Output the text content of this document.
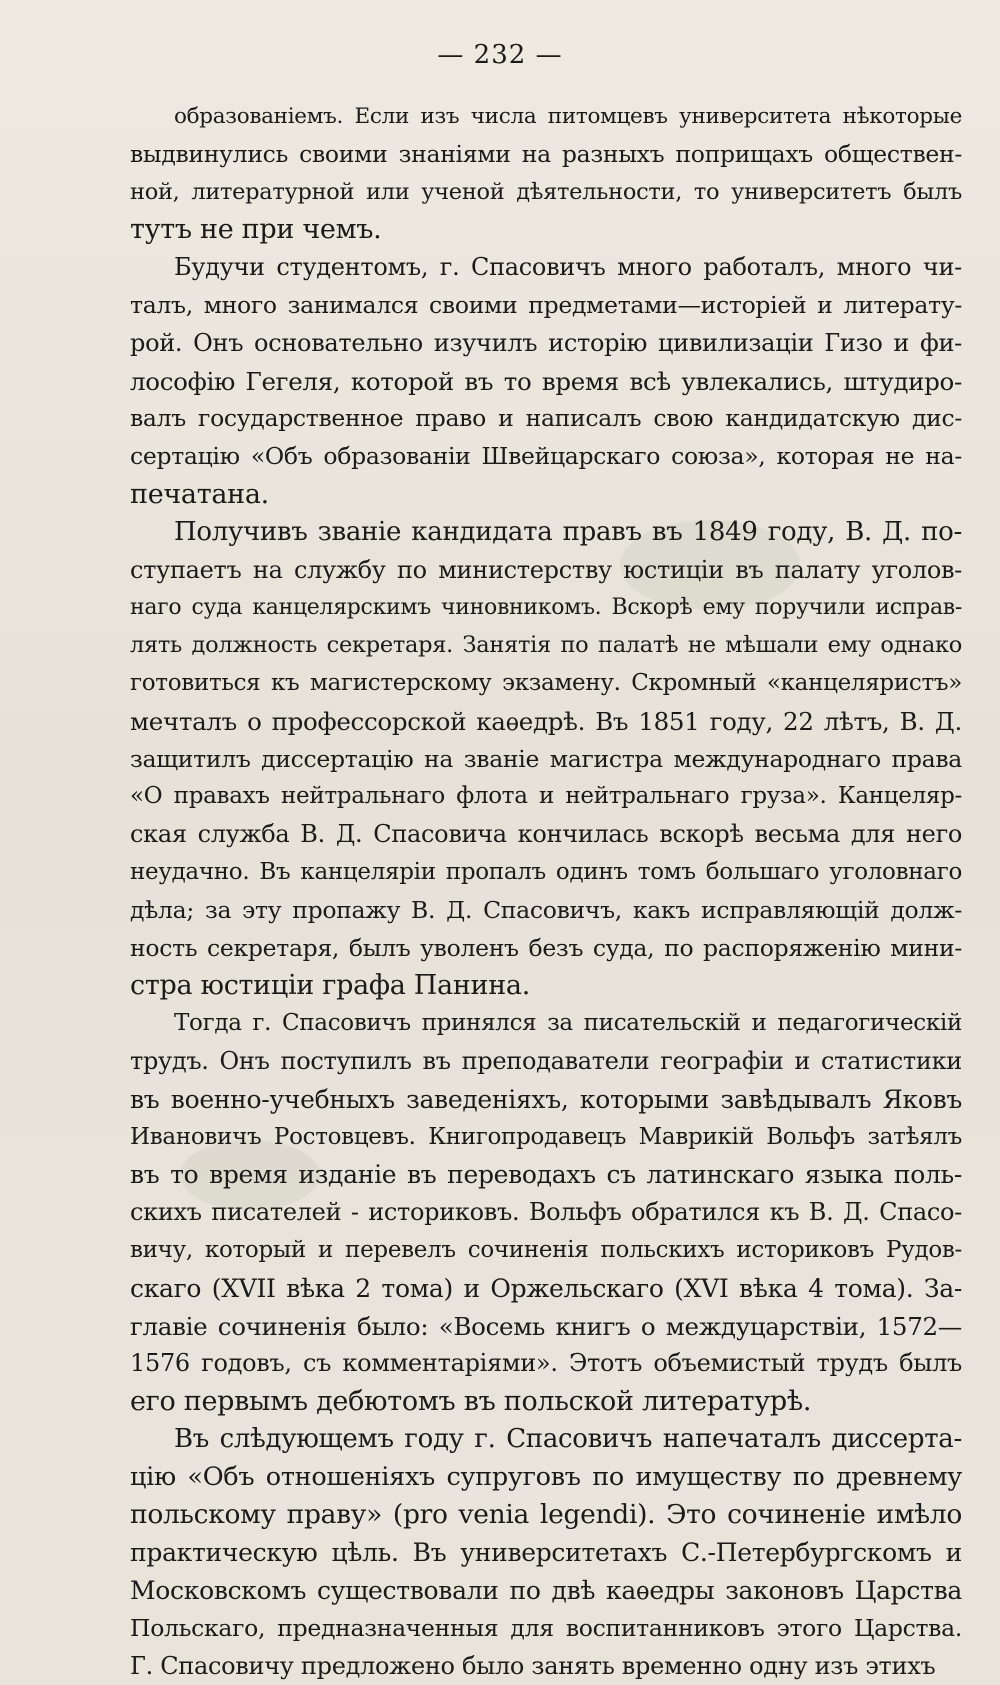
— 232 —
образованіемъ. Если изъ числа питомцевъ университета нѣкоторые
выдвинулись своими знаніями на разныхъ поприщахъ обществен-
ной, литературной или ученой дѣятельности, то университетъ былъ
тутъ не при чемъ.
Будучи студентомъ, г. Спасовичъ много работалъ, много чи-
талъ, много занимался своими предметами—исторіей и литерату-
рой. Онъ основательно изучилъ исторію цивилизаціи Гизо и фи-
лософію Гегеля, которой въ то время всѣ увлекались, штудиро-
валъ государственное право и написалъ свою кандидатскую дис-
сертацію «Объ образованіи Швейцарскаго союза», которая не на-
печатана.
Получивъ званіе кандидата правъ въ 1849 году, В. Д. по-
ступаетъ на службу по министерству юстиціи въ палату уголов-
наго суда канцелярскимъ чиновникомъ. Вскорѣ ему поручили исправ-
лять должность секретаря. Занятія по палатѣ не мѣшали ему однако
готовиться къ магистерскому экзамену. Скромный «канцеляристъ»
мечталъ о профессорской каѳедрѣ. Въ 1851 году, 22 лѣтъ, В. Д.
защитилъ диссертацію на званіе магистра международнаго права
«О правахъ нейтральнаго флота и нейтральнаго груза». Канцеляр-
ская служба В. Д. Спасовича кончилась вскорѣ весьма для него
неудачно. Въ канцеляріи пропалъ одинъ томъ большаго уголовнаго
дѣла; за эту пропажу В. Д. Спасовичъ, какъ исправляющій долж-
ность секретаря, былъ уволенъ безъ суда, по распоряженію мини-
стра юстиціи графа Панина.
Тогда г. Спасовичъ принялся за писательскій и педагогическій
трудъ. Онъ поступилъ въ преподаватели географіи и статистики
въ военно-учебныхъ заведеніяхъ, которыми завѣдывалъ Яковъ
Ивановичъ Ростовцевъ. Книгопродавецъ Маврикій Вольфъ затѣялъ
въ то время изданіе въ переводахъ съ латинскаго языка поль-
скихъ писателей - историковъ. Вольфъ обратился къ В. Д. Спасо-
вичу, который и перевелъ сочиненія польскихъ историковъ Рудов-
скаго (XVII вѣка 2 тома) и Оржельскаго (XVI вѣка 4 тома). За-
главіе сочиненія было: «Восемь книгъ о междуцарствіи, 1572—
1576 годовъ, съ комментаріями». Этотъ объемистый трудъ былъ
его первымъ дебютомъ въ польской литературѣ.
Въ слѣдующемъ году г. Спасовичъ напечаталъ диссерта-
цію «Объ отношеніяхъ супруговъ по имуществу по древнему
польскому праву» (pro venia legendi). Это сочиненіе имѣло
практическую цѣль. Въ университетахъ С.-Петербургскомъ и
Московскомъ существовали по двѣ каѳедры законовъ Царства
Польскаго, предназначенныя для воспитанниковъ этого Царства.
Г. Спасовичу предложено было занять временно одну изъ этихъ
